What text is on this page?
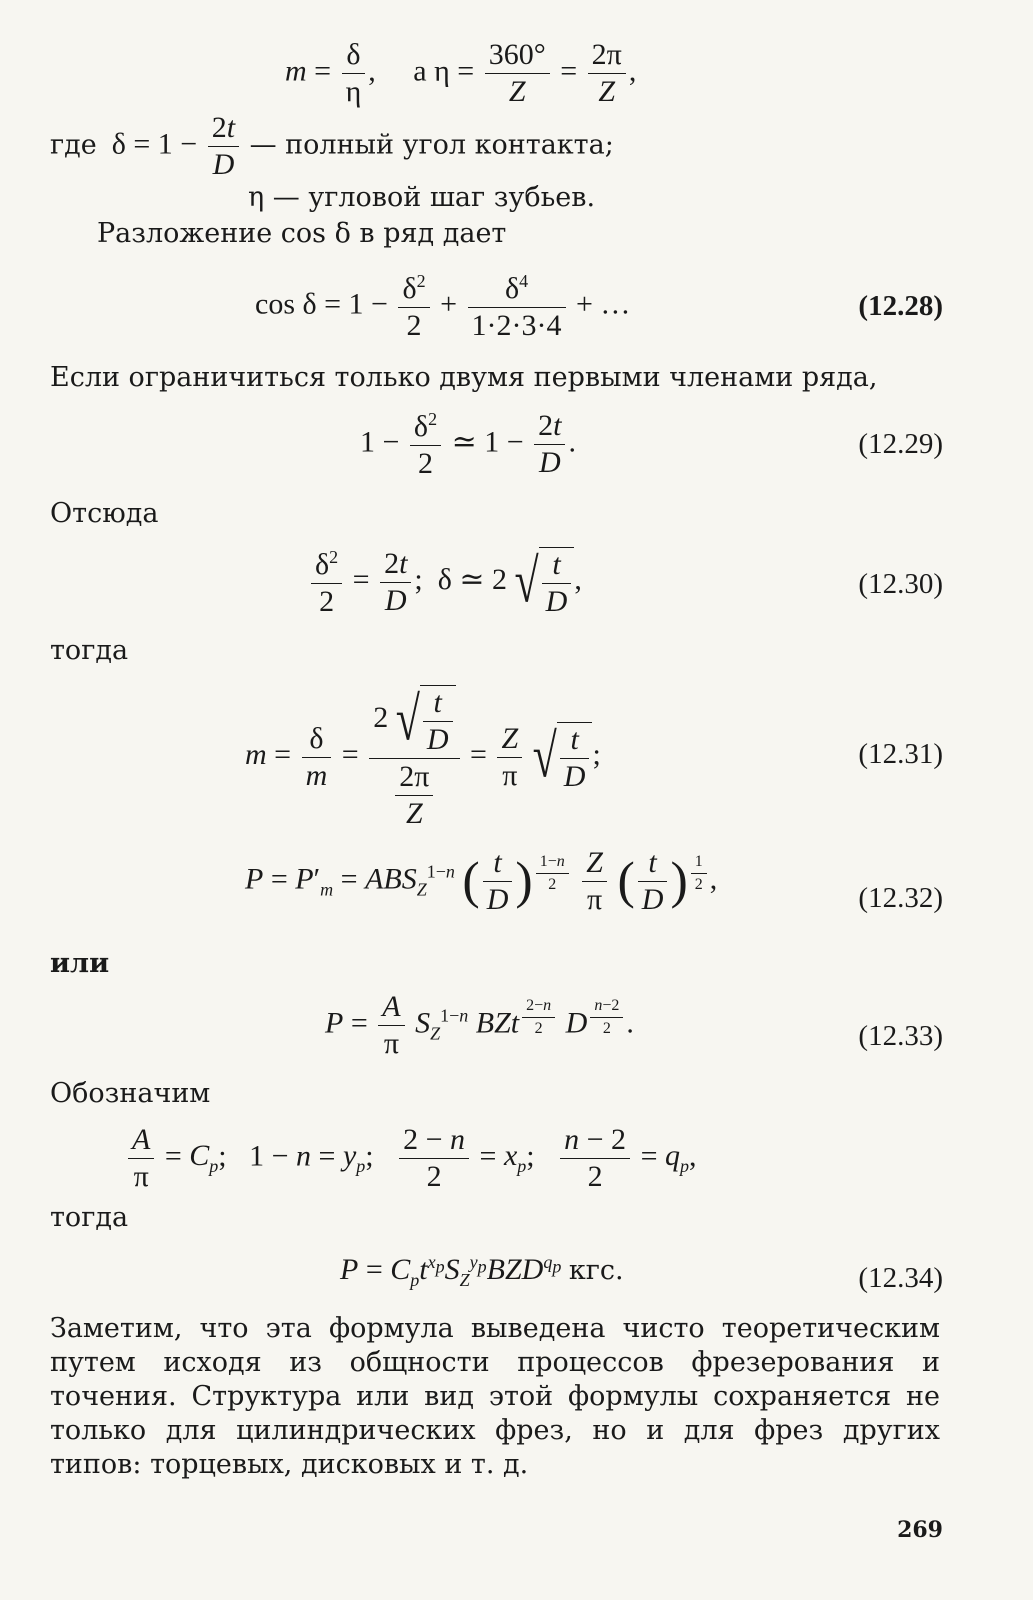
$m = \frac{\delta}{\eta}$ ,     а $\eta = \frac{360^\circ}{Z} = \frac{2\pi}{Z}$ ,
где  $\delta = 1 - \frac{2t}{D}$ — полный угол контакта;
η — угловой шаг зубьев.
Разложение cos δ в ряд дает
$\cos \delta = 1 - \frac{\delta^2}{2} + \frac{\delta^4}{1\cdot 2\cdot 3\cdot 4}$ + …	(12.28)
Если ограничиться только двумя первыми членами ряда,
$1 - \frac{\delta^2}{2}$ ≃ $1 - \frac{2t}{D}$ .	(12.29)
Отсюда
$\frac{\delta^2}{2} = \frac{2t}{D}$ ;  δ ≃ 2 √ $\frac{t}{D}$ ,	(12.30)
тогда
$m = \frac{\delta}{m} = \frac{2 √ \frac{t}{D}}{\frac{2\pi}{Z}} = \frac{Z}{\pi}$ √ $\frac{t}{D}$ ;	(12.31)
$P = P'_m = ABS_Z^{1-n}$ ( $\frac{t}{D}$ ) $^{\frac{1-n}{2}}$
$\frac{Z}{\pi}$ ( $\frac{t}{D}$ ) $^{\frac{1}{2}}$ ,
(12.32)
или
$P = \frac{A}{\pi} S_Z^{1-n}$ BZt $^{\frac{2-n}{2}}$ D $^{\frac{n-2}{2}}$ .	(12.33)
Обозначим
$\frac{A}{\pi} = C_p$;   $1 - n = y_p$; $\frac{2 - n}{2} = x_p$; $\frac{n - 2}{2} = q_p$,
тогда
$P = C_pt^{x_p}S_Z^{y_p}BZD^{q_p}$ кгс.	(12.34)
Заметим, что эта формула выведена чисто теоретическим путем исходя из общности процессов фрезерования и точения. Структура или вид этой формулы сохраняется не только для цилиндрических фрез, но и для фрез других типов: торцевых, дисковых и т. д.
269
